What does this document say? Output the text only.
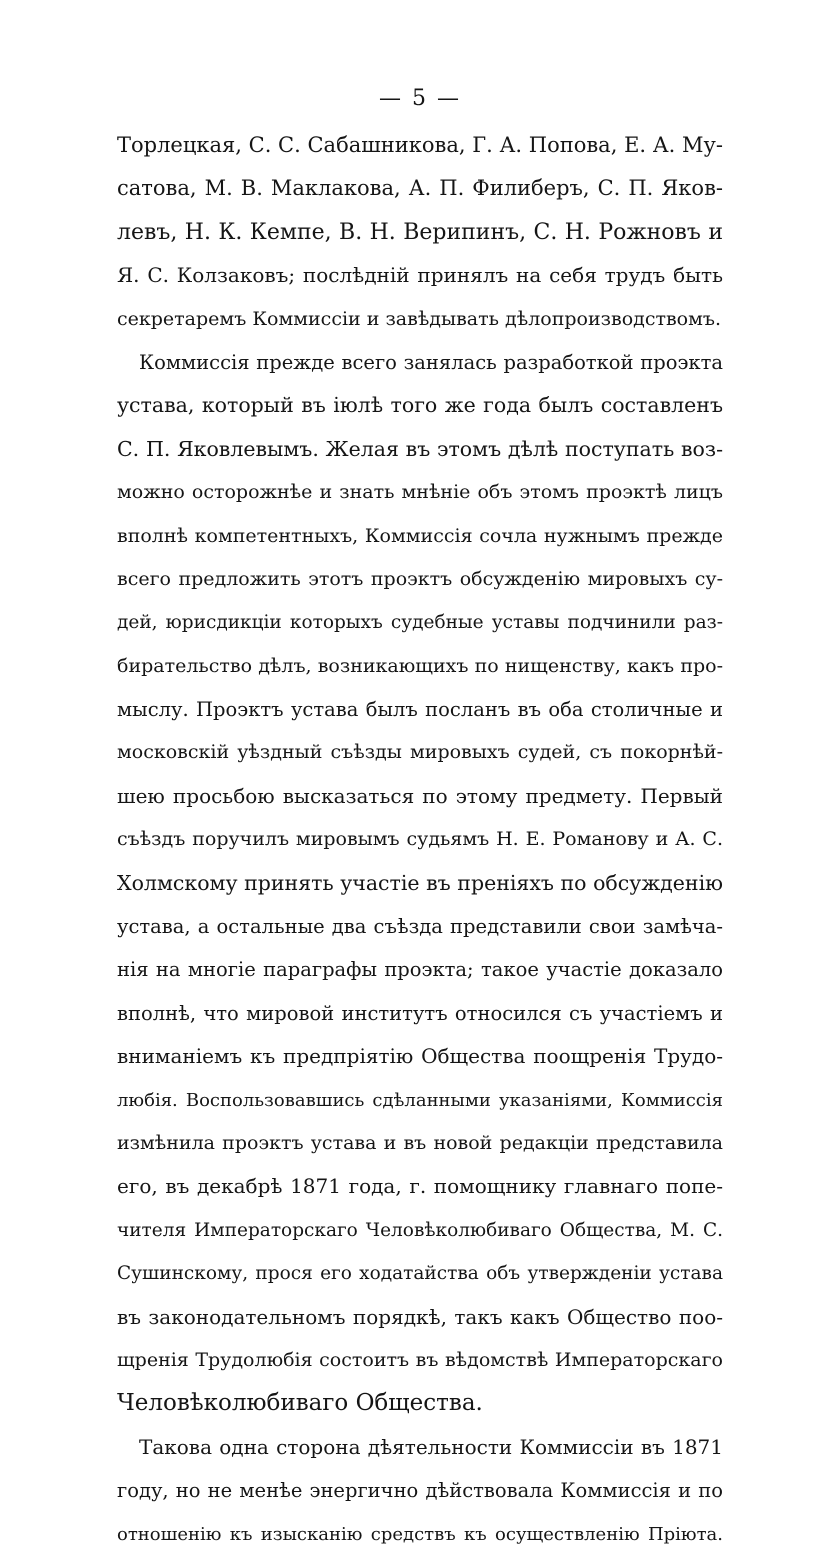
— 5 —
Торлецкая, С. С. Сабашникова, Г. А. Попова, Е. А. Му-
сатова, М. В. Маклакова, А. П. Филиберъ, С. П. Яков-
левъ, Н. К. Кемпе, В. Н. Верипинъ, С. Н. Рожновъ и
Я. С. Колзаковъ; послѣдній принялъ на себя трудъ быть
секретаремъ Коммиссіи и завѣдывать дѣлопроизводствомъ.
Коммиссія прежде всего занялась разработкой проэкта
устава, который въ іюлѣ того же года былъ составленъ
С. П. Яковлевымъ. Желая въ этомъ дѣлѣ поступать воз-
можно осторожнѣе и знать мнѣніе объ этомъ проэктѣ лицъ
вполнѣ компетентныхъ, Коммиссія сочла нужнымъ прежде
всего предложить этотъ проэктъ обсужденію мировыхъ су-
дей, юрисдикціи которыхъ судебные уставы подчинили раз-
бирательство дѣлъ, возникающихъ по нищенству, какъ про-
мыслу. Проэктъ устава былъ посланъ въ оба столичные и
московскій уѣздный съѣзды мировыхъ судей, съ покорнѣй-
шею просьбою высказаться по этому предмету. Первый
съѣздъ поручилъ мировымъ судьямъ Н. Е. Романову и А. С.
Холмскому принять участіе въ преніяхъ по обсужденію
устава, а остальные два съѣзда представили свои замѣча-
нія на многіе параграфы проэкта; такое участіе доказало
вполнѣ, что мировой институтъ относился съ участіемъ и
вниманіемъ къ предпріятію Общества поощренія Трудо-
любія. Воспользовавшись сдѣланными указаніями, Коммиссія
измѣнила проэктъ устава и въ новой редакціи представила
его, въ декабрѣ 1871 года, г. помощнику главнаго попе-
чителя Императорскаго Человѣколюбиваго Общества, М. С.
Сушинскому, прося его ходатайства объ утвержденіи устава
въ законодательномъ порядкѣ, такъ какъ Общество поо-
щренія Трудолюбія состоитъ въ вѣдомствѣ Императорскаго
Человѣколюбиваго Общества.
Такова одна сторона дѣятельности Коммиссіи въ 1871
году, но не менѣе энергично дѣйствовала Коммиссія и по
отношенію къ изысканію средствъ къ осуществленію Пріюта.
